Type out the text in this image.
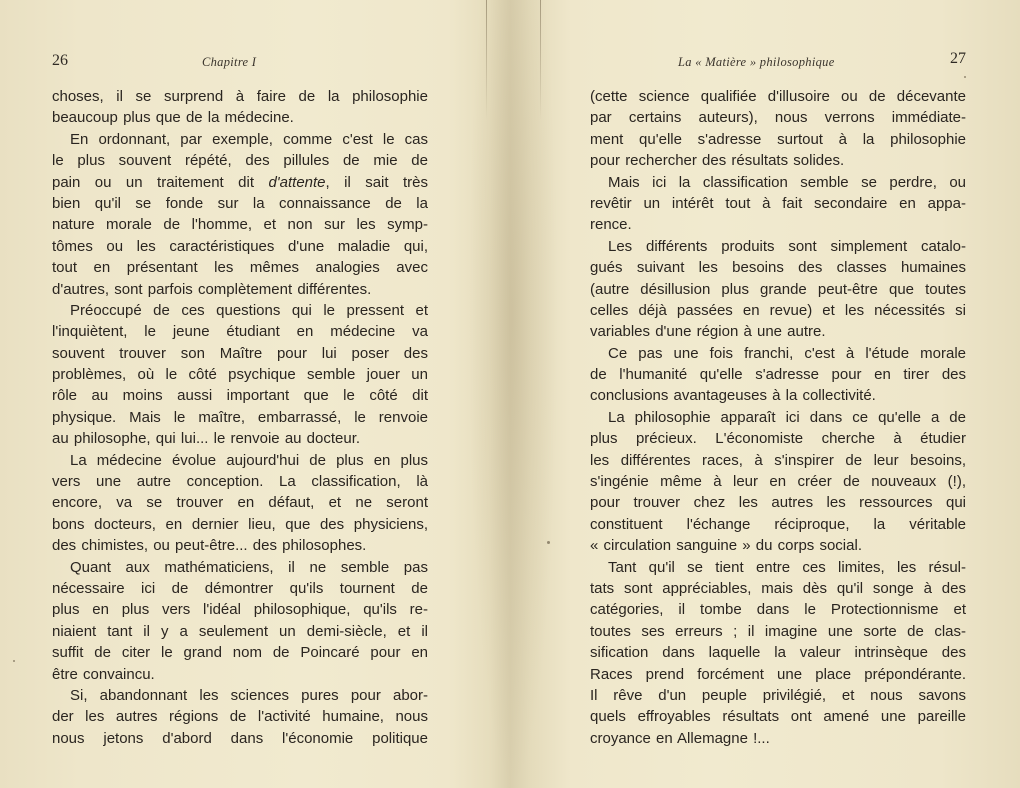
26	Chapitre I
choses, il se surprend à faire de la philosophie
beaucoup plus que de la médecine.
En ordonnant, par exemple, comme c'est le cas
le plus souvent répété, des pillules de mie de
pain ou un traitement dit d'attente, il sait très
bien qu'il se fonde sur la connaissance de la
nature morale de l'homme, et non sur les symp-
tômes ou les caractéristiques d'une maladie qui,
tout en présentant les mêmes analogies avec
d'autres, sont parfois complètement différentes.
Préoccupé de ces questions qui le pressent et
l'inquiètent, le jeune étudiant en médecine va
souvent trouver son Maître pour lui poser des
problèmes, où le côté psychique semble jouer un
rôle au moins aussi important que le côté dit
physique. Mais le maître, embarrassé, le renvoie
au philosophe, qui lui... le renvoie au docteur.
La médecine évolue aujourd'hui de plus en plus
vers une autre conception. La classification, là
encore, va se trouver en défaut, et ne seront
bons docteurs, en dernier lieu, que des physiciens,
des chimistes, ou peut-être... des philosophes.
Quant aux mathématiciens, il ne semble pas
nécessaire ici de démontrer qu'ils tournent de
plus en plus vers l'idéal philosophique, qu'ils re-
niaient tant il y a seulement un demi-siècle, et il
suffit de citer le grand nom de Poincaré pour en
être convaincu.
Si, abandonnant les sciences pures pour abor-
der les autres régions de l'activité humaine, nous
nous jetons d'abord dans l'économie politique
La « Matière » philosophique	27
(cette science qualifiée d'illusoire ou de décevante
par certains auteurs), nous verrons immédiate-
ment qu'elle s'adresse surtout à la philosophie
pour rechercher des résultats solides.
Mais ici la classification semble se perdre, ou
revêtir un intérêt tout à fait secondaire en appa-
rence.
Les différents produits sont simplement catalo-
gués suivant les besoins des classes humaines
(autre désillusion plus grande peut-être que toutes
celles déjà passées en revue) et les nécessités si
variables d'une région à une autre.
Ce pas une fois franchi, c'est à l'étude morale
de l'humanité qu'elle s'adresse pour en tirer des
conclusions avantageuses à la collectivité.
La philosophie apparaît ici dans ce qu'elle a de
plus précieux. L'économiste cherche à étudier
les différentes races, à s'inspirer de leur besoins,
s'ingénie même à leur en créer de nouveaux (!),
pour trouver chez les autres les ressources qui
constituent l'échange réciproque, la véritable
« circulation sanguine » du corps social.
Tant qu'il se tient entre ces limites, les résul-
tats sont appréciables, mais dès qu'il songe à des
catégories, il tombe dans le Protectionnisme et
toutes ses erreurs ; il imagine une sorte de clas-
sification dans laquelle la valeur intrinsèque des
Races prend forcément une place prépondérante.
Il rêve d'un peuple privilégié, et nous savons
quels effroyables résultats ont amené une pareille
croyance en Allemagne !...
